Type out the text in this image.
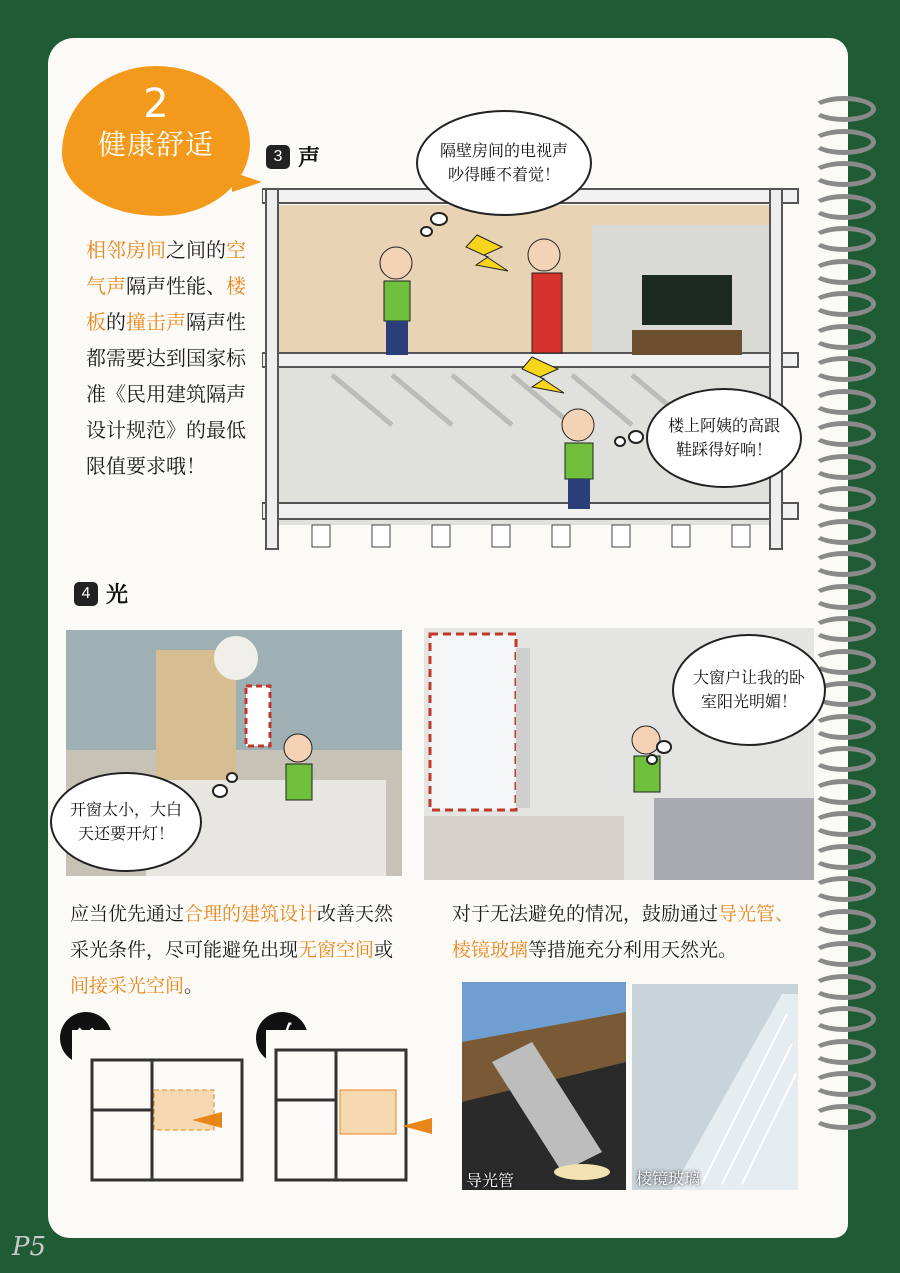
2
健康舒适	3 声
相邻房间之间的空气声隔声性能、楼板的撞击声隔声性都需要达到国家标准《民用建筑隔声设计规范》的最低限值要求哦！
隔壁房间的电视声吵得睡不着觉！
楼上阿姨的高跟鞋踩得好响！
4 光
开窗太小，大白天还要开灯！
大窗户让我的卧室阳光明媚！
应当优先通过合理的建筑设计改善天然采光条件，尽可能避免出现无窗空间或间接采光空间。
对于无法避免的情况，鼓励通过导光管、棱镜玻璃等措施充分利用天然光。
导光管	棱镜玻璃
P5
